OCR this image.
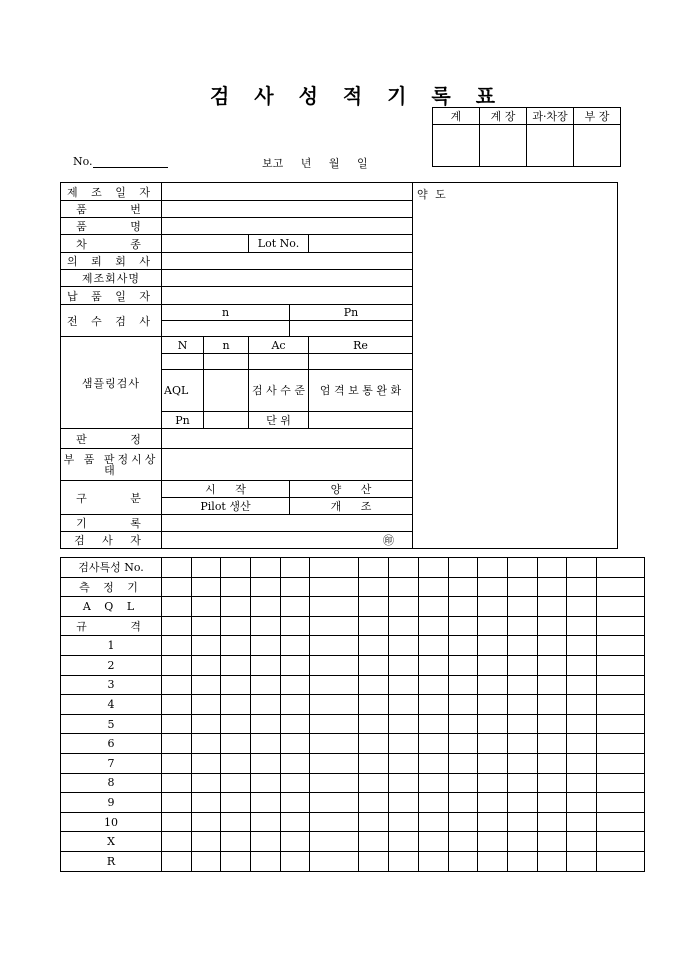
검 사 성 적 기 록 표
계	계 장	과·차장	부 장

No.	보고 년 월 일
제 조 일 자						약 도
품 번						
품 명						
차 종			Lot No.			
의 뢰 회 사						
제조회사명						
납 품 일 자						
전 수 검 사	n			Pn		

샘플링검사	N	n	Ac		Re	

	AQL		검 사 수 준		엄 격 보 통 완 화	
	Pn		단 위			
판 정						
부 품 판정시상태						
구 분	시 작			양 산		
	Pilot 생산			개 조		
기 록						
검 사 자	㊞					
검사특성 No.															
측 정 기															
A Q L															
규 격															
1															
2															
3															
4															
5															
6															
7															
8															
9															
10															
X															
R															
